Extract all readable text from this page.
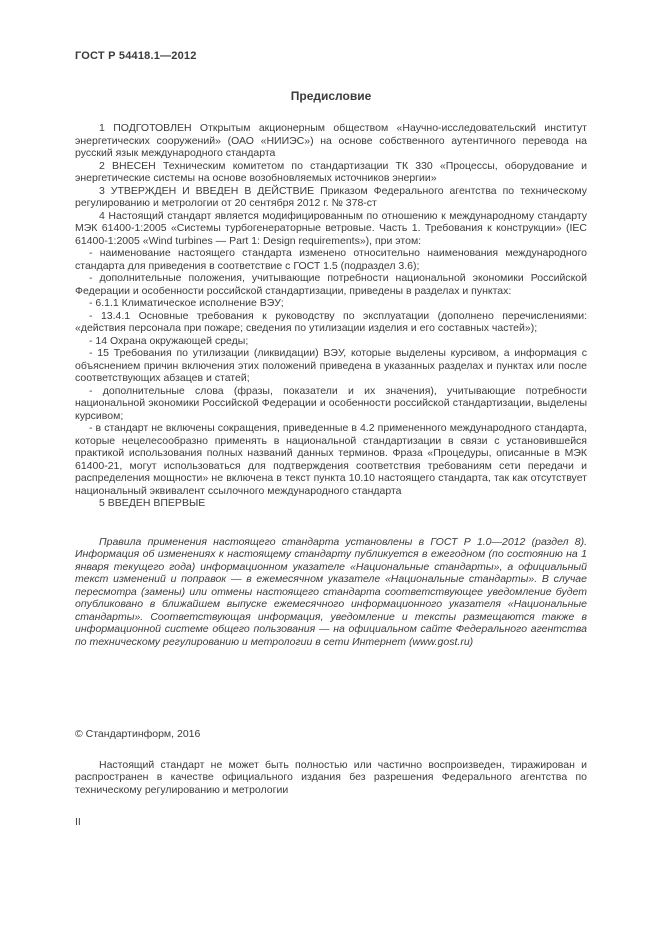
ГОСТ Р 54418.1—2012
Предисловие

1 ПОДГОТОВЛЕН Открытым акционерным обществом «Научно-исследовательский институт энергетических сооружений» (ОАО «НИИЭС») на основе собственного аутентичного перевода на русский язык международного стандарта

2 ВНЕСЕН Техническим комитетом по стандартизации ТК 330 «Процессы, оборудование и энергетические системы на основе возобновляемых источников энергии»

3 УТВЕРЖДЕН И ВВЕДЕН В ДЕЙСТВИЕ Приказом Федерального агентства по техническому регулированию и метрологии от 20 сентября 2012 г. № 378-ст

4 Настоящий стандарт является модифицированным по отношению к международному стандарту МЭК 61400-1:2005 «Системы турбогенераторные ветровые. Часть 1. Требования к конструкции» (IEC 61400-1:2005 «Wind turbines — Part 1: Design requirements»), при этом:

- наименование настоящего стандарта изменено относительно наименования международного стандарта для приведения в соответствие с ГОСТ 1.5 (подраздел 3.6);

- дополнительные положения, учитывающие потребности национальной экономики Российской Федерации и особенности российской стандартизации, приведены в разделах и пунктах:

- 6.1.1 Климатическое исполнение ВЭУ;

- 13.4.1 Основные требования к руководству по эксплуатации (дополнено перечислениями: «действия персонала при пожаре; сведения по утилизации изделия и его составных частей»);

- 14 Охрана окружающей среды;

- 15 Требования по утилизации (ликвидации) ВЭУ, которые выделены курсивом, а информация с объяснением причин включения этих положений приведена в указанных разделах и пунктах или после соответствующих абзацев и статей;

- дополнительные слова (фразы, показатели и их значения), учитывающие потребности национальной экономики Российской Федерации и особенности российской стандартизации, выделены курсивом;

- в стандарт не включены сокращения, приведенные в 4.2 примененного международного стандарта, которые нецелесообразно применять в национальной стандартизации в связи с установившейся практикой использования полных названий данных терминов. Фраза «Процедуры, описанные в МЭК 61400-21, могут использоваться для подтверждения соответствия требованиям сети передачи и распределения мощности» не включена в текст пункта 10.10 настоящего стандарта, так как отсутствует национальный эквивалент ссылочного международного стандарта

5 ВВЕДЕН ВПЕРВЫЕ

Правила применения настоящего стандарта установлены в ГОСТ Р 1.0—2012 (раздел 8). Информация об изменениях к настоящему стандарту публикуется в ежегодном (по состоянию на 1 января текущего года) информационном указателе «Национальные стандарты», а официальный текст изменений и поправок — в ежемесячном указателе «Национальные стандарты». В случае пересмотра (замены) или отмены настоящего стандарта соответствующее уведомление будет опубликовано в ближайшем выпуске ежемесячного информационного указателя «Национальные стандарты». Соответствующая информация, уведомление и тексты размещаются также в информационной системе общего пользования — на официальном сайте Федерального агентства по техническому регулированию и метрологии в сети Интернет (www.gost.ru)

© Стандартинформ, 2016

Настоящий стандарт не может быть полностью или частично воспроизведен, тиражирован и распространен в качестве официального издания без разрешения Федерального агентства по техническому регулированию и метрологии

II
